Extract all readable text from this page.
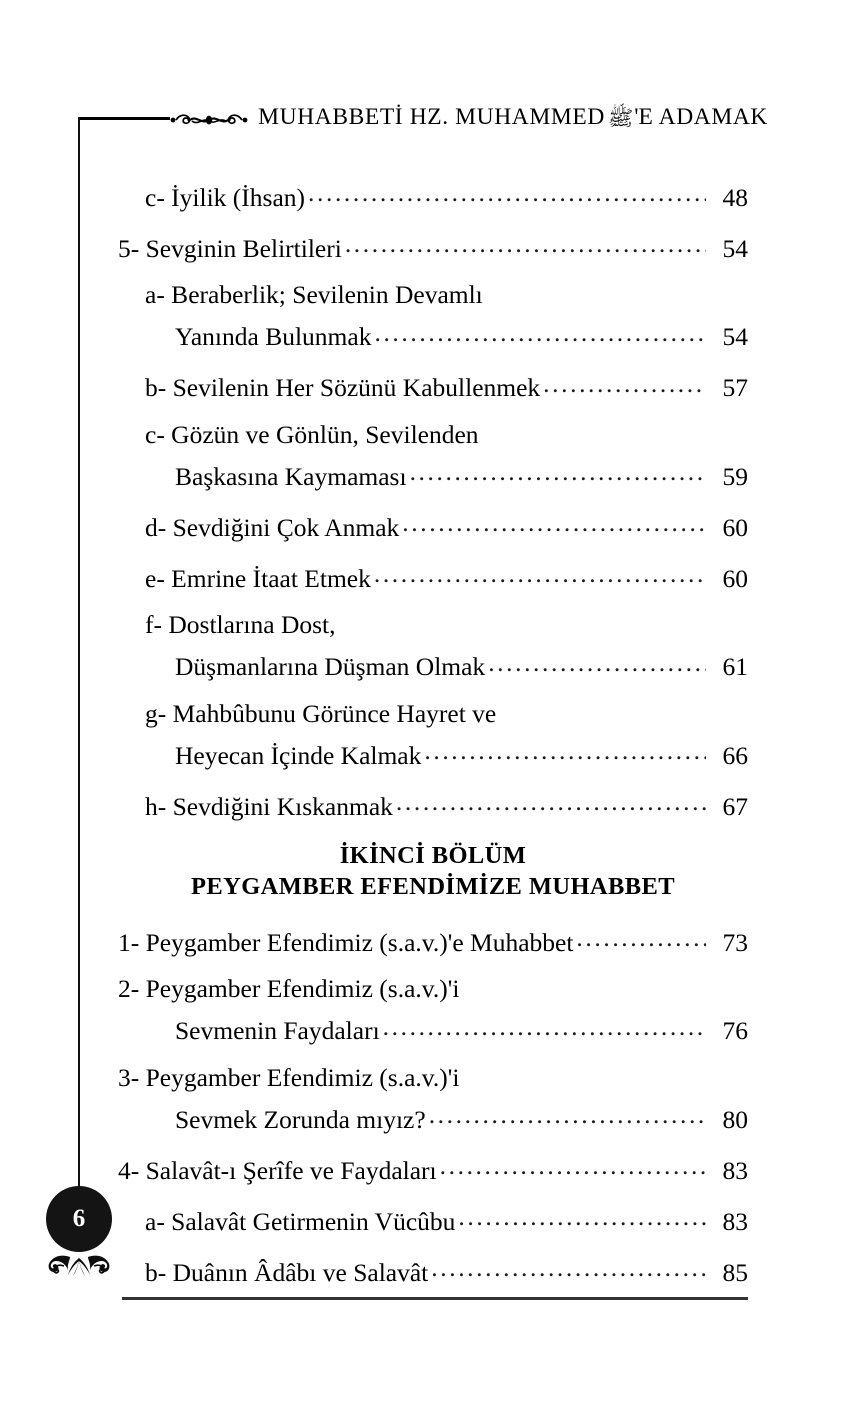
MUHABBETİ HZ. MUHAMMED ﷺ'E ADAMAK
c- İyilik (İhsan) .....	48
5- Sevginin Belirtileri .....	54
a- Beraberlik; Sevilenin Devamlı
Yanında Bulunmak .....	54
b- Sevilenin Her Sözünü Kabullenmek .....	57
c- Gözün ve Gönlün, Sevilenden
Başkasına Kaymaması .....	59
d- Sevdiğini Çok Anmak .....	60
e- Emrine İtaat Etmek .....	60
f- Dostlarına Dost,
Düşmanlarına Düşman Olmak .....	61
g- Mahbûbunu Görünce Hayret ve
Heyecan İçinde Kalmak .....	66
h- Sevdiğini Kıskanmak .....	67
İKİNCİ BÖLÜM
PEYGAMBER EFENDİMİZE MUHABBET
1- Peygamber Efendimiz (s.a.v.)'e Muhabbet .....	73
2- Peygamber Efendimiz (s.a.v.)'i
Sevmenin Faydaları .....	76
3- Peygamber Efendimiz (s.a.v.)'i
Sevmek Zorunda mıyız? .....	80
4- Salavât-ı Şerîfe ve Faydaları .....	83
a- Salavât Getirmenin Vücûbu .....	83
b- Duânın Âdâbı ve Salavât .....	85
6
